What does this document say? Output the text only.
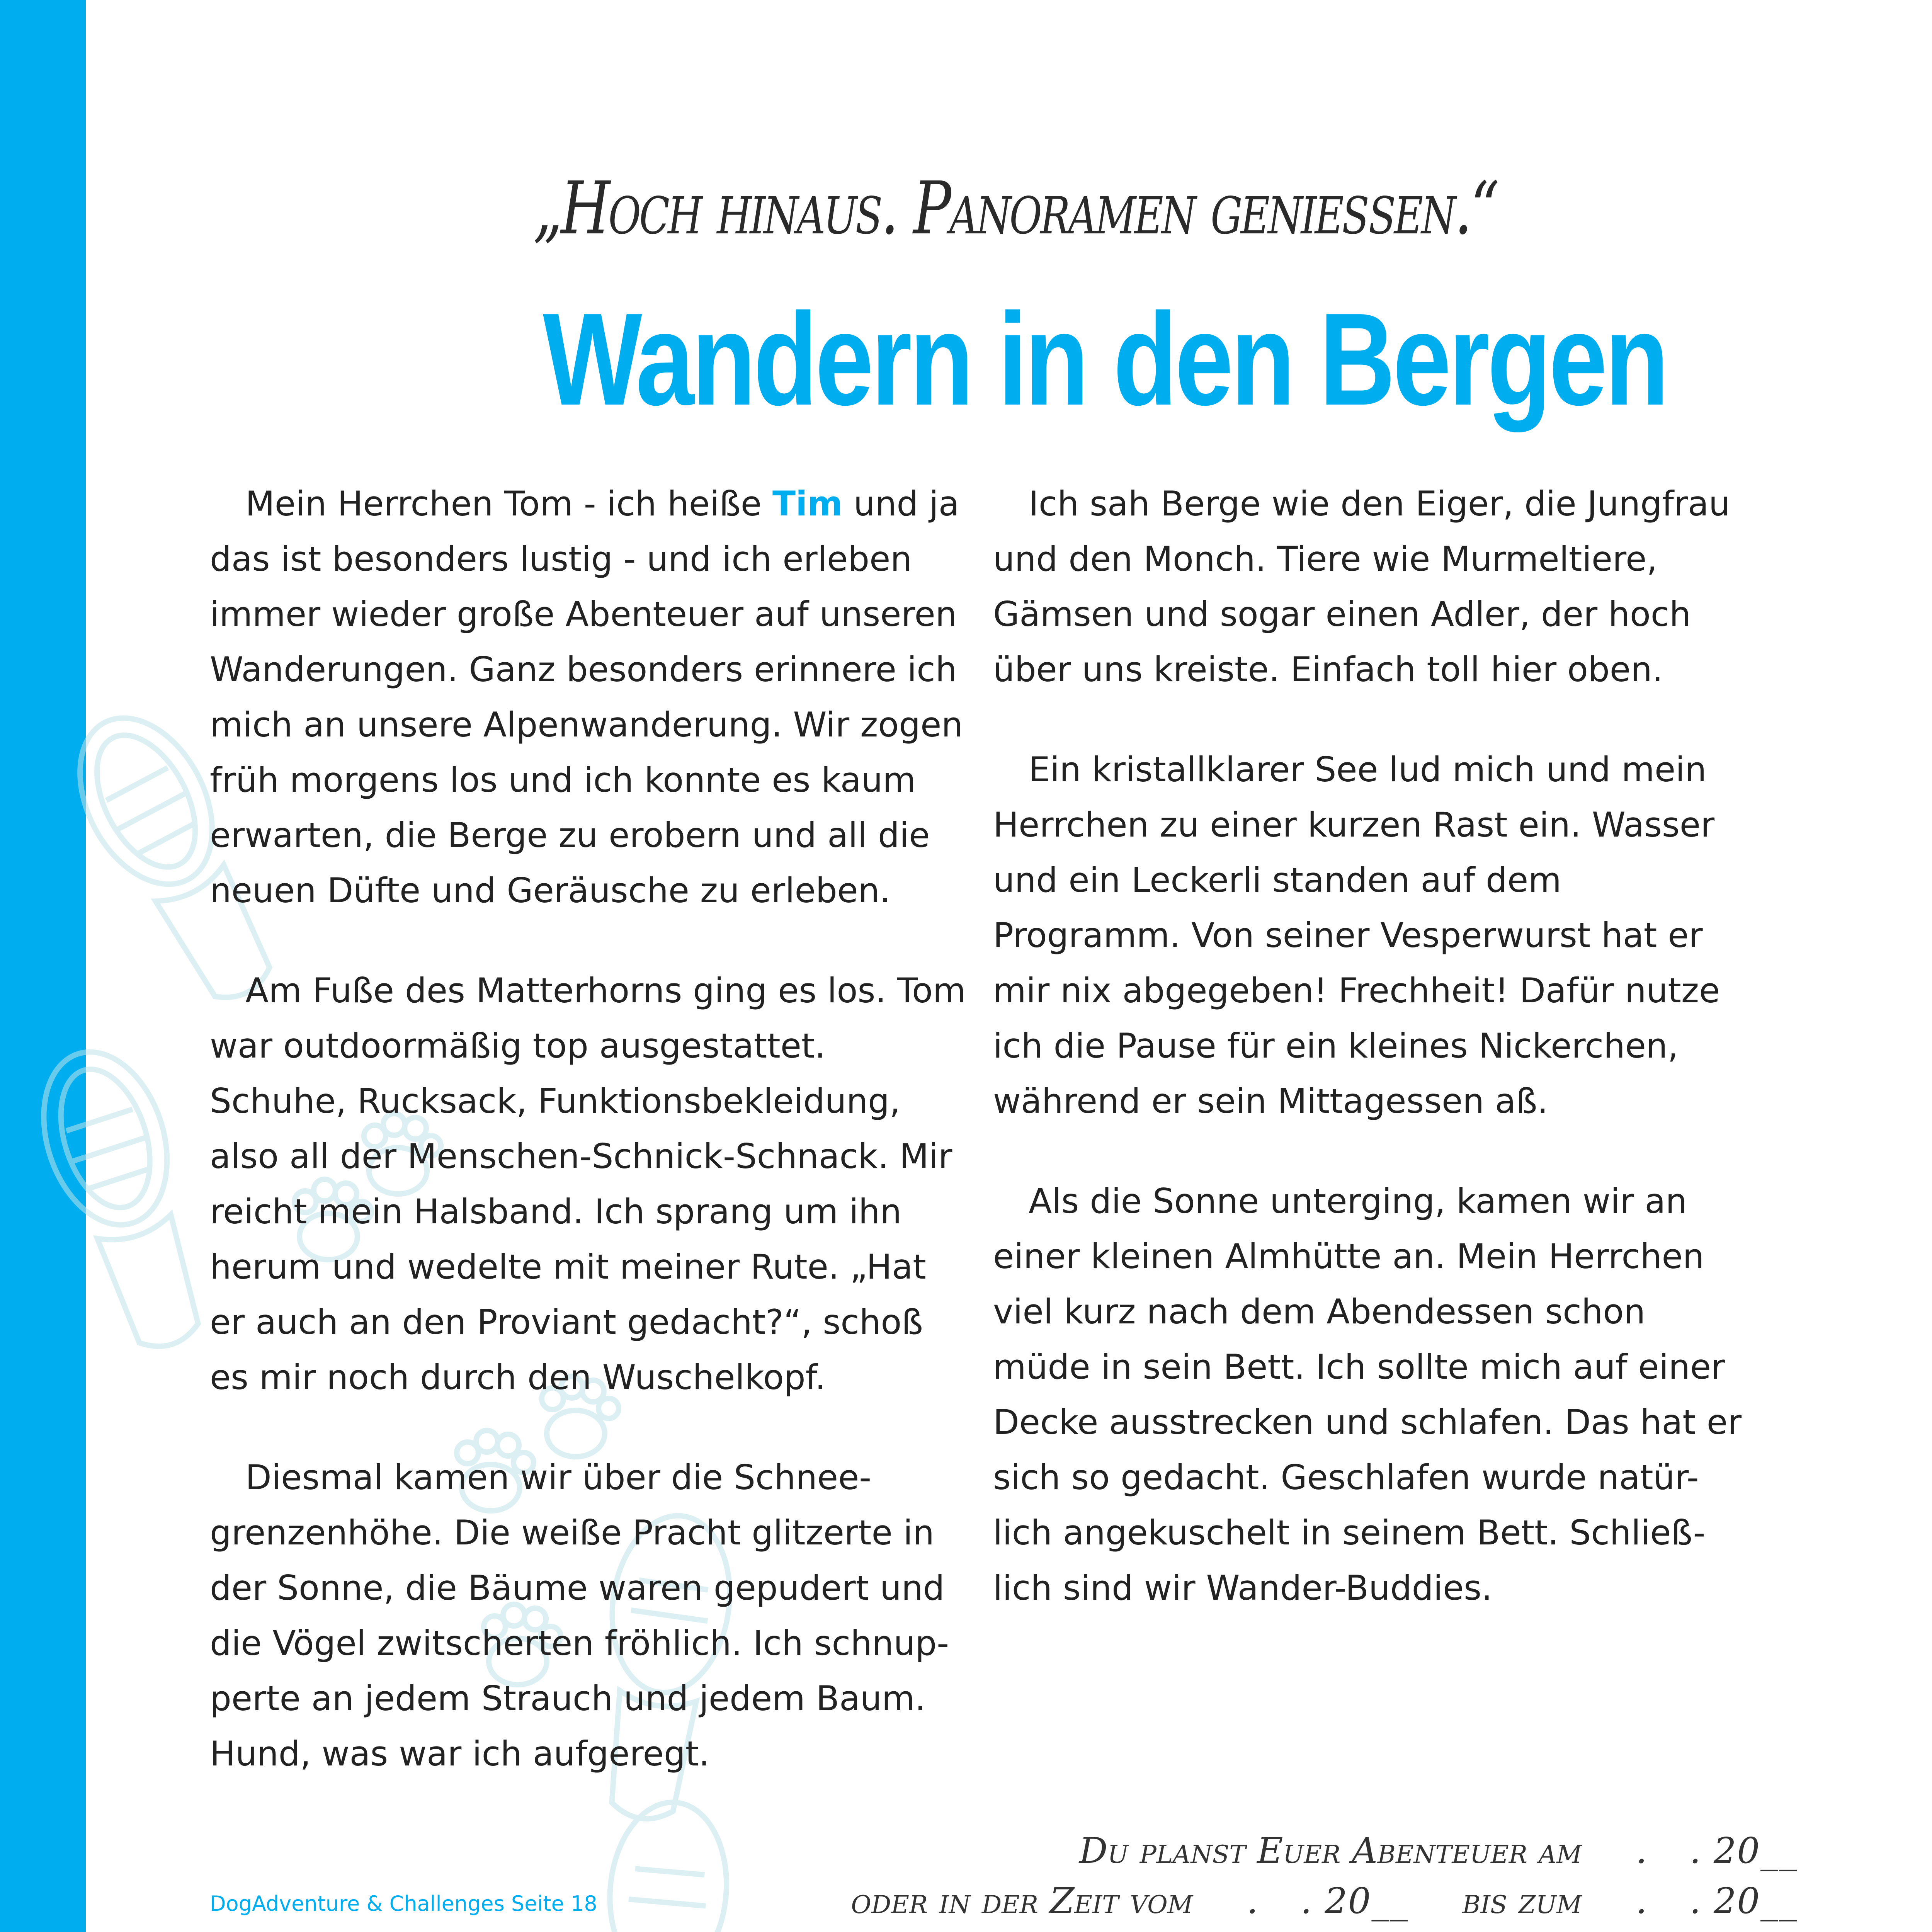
„Hoch hinaus. Panoramen genießen.“
Wandern in den Bergen

Mein Herrchen Tom - ich heiße Tim und ja das ist besonders lustig - und ich erleben immer wieder große Abenteuer auf unseren Wanderungen. Ganz besonders erinnere ich mich an unsere Alpenwanderung. Wir zogen früh morgens los und ich konnte es kaum erwarten, die Berge zu erobern und all die neuen Düfte und Geräusche zu erleben.

Am Fuße des Matterhorns ging es los. Tom war outdoormäßig top ausgestattet. Schuhe, Rucksack, Funktionsbekleidung, also all der Menschen-Schnick-Schnack. Mir reicht mein Halsband. Ich sprang um ihn herum und wedelte mit meiner Rute. „Hat er auch an den Proviant gedacht?“, schoß es mir noch durch den Wuschelkopf.

Diesmal kamen wir über die Schnee-grenzenhöhe. Die weiße Pracht glitzerte in der Sonne, die Bäume waren gepudert und die Vögel zwitscherten fröhlich. Ich schnup-perte an jedem Strauch und jedem Baum. Hund, was war ich aufgeregt.

Ich sah Berge wie den Eiger, die Jungfrau und den Monch. Tiere wie Murmeltiere, Gämsen und sogar einen Adler, der hoch über uns kreiste. Einfach toll hier oben.

Ein kristallklarer See lud mich und mein Herrchen zu einer kurzen Rast ein. Wasser und ein Leckerli standen auf dem Programm. Von seiner Vesperwurst hat er mir nix abgegeben! Frechheit! Dafür nutze ich die Pause für ein kleines Nickerchen, während er sein Mittagessen aß.

Als die Sonne unterging, kamen wir an einer kleinen Almhütte an. Mein Herrchen viel kurz nach dem Abendessen schon müde in sein Bett. Ich sollte mich auf einer Decke ausstrecken und schlafen. Das hat er sich so gedacht. Geschlafen wurde natür-lich angekuschelt in seinem Bett. Schließ-lich sind wir Wander-Buddies.

DogAdventure & Challenges Seite 18
Du planst Euer Abenteuer am . . 20__
oder in der Zeit vom . . 20__ bis zum . . 20__
